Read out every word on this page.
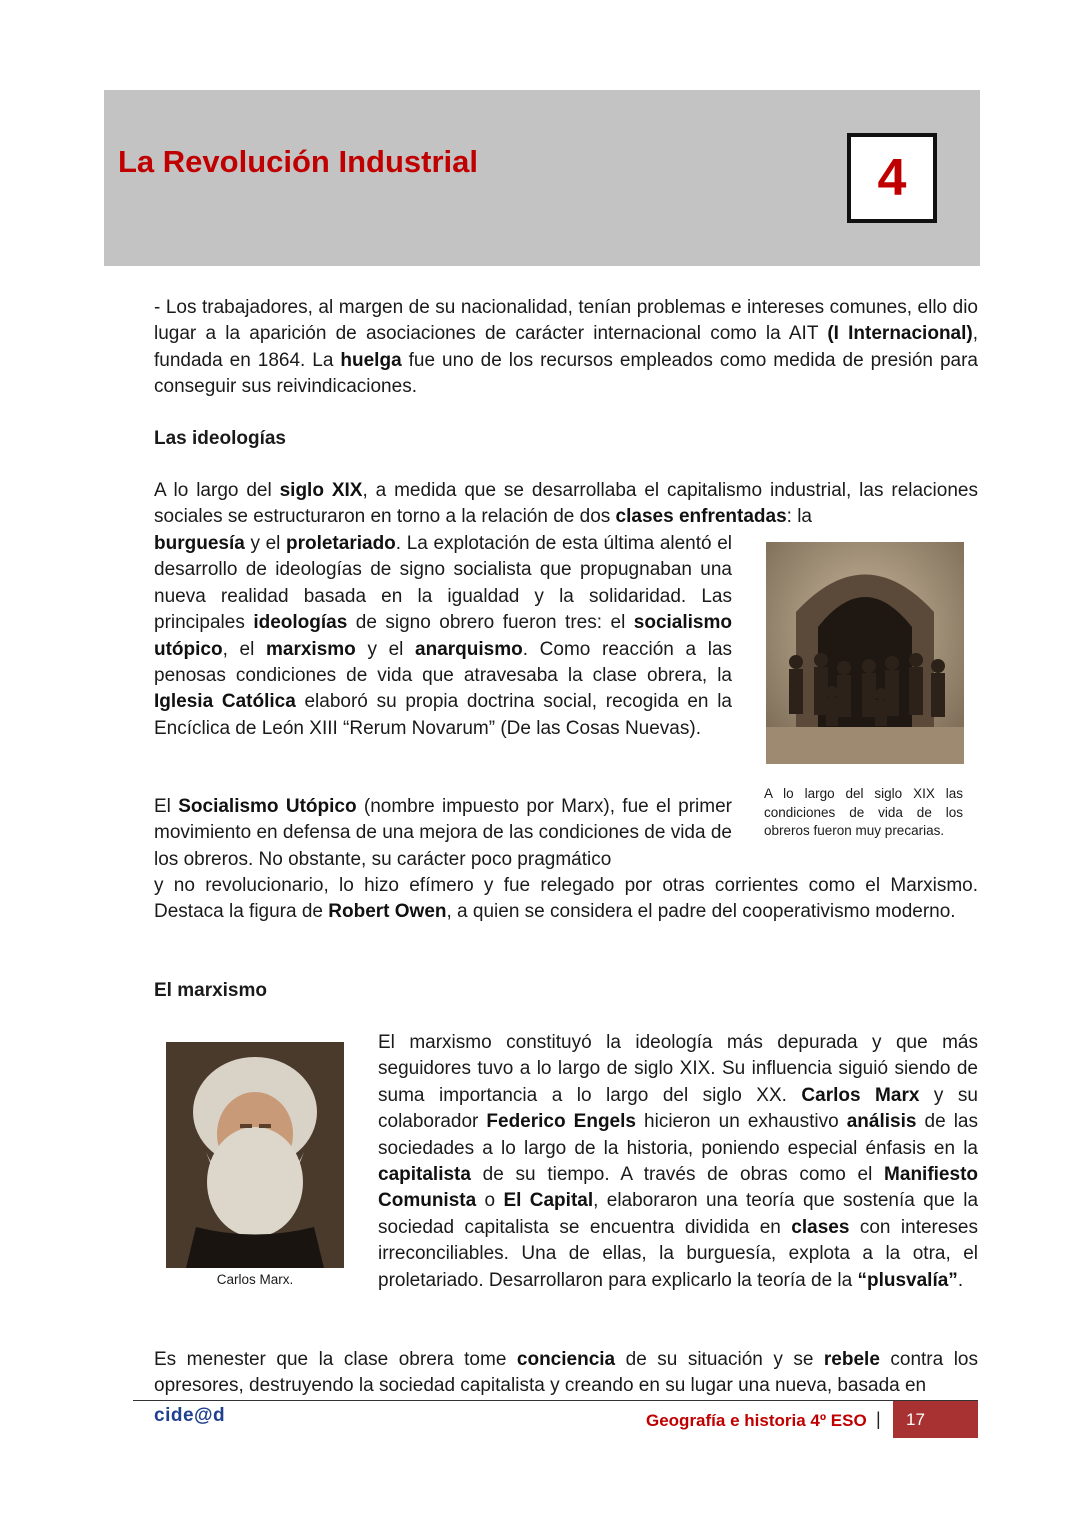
La Revolución Industrial	4
- Los trabajadores, al margen de su nacionalidad, tenían problemas e intereses comunes, ello dio lugar a la aparición de asociaciones de carácter internacional como la AIT (I Internacional), fundada en 1864. La huelga fue uno de los recursos empleados como medida de presión para conseguir sus reivindicaciones.
Las ideologías
A lo largo del siglo XIX, a medida que se desarrollaba el capitalismo industrial, las relaciones sociales se estructuraron en torno a la relación de dos clases enfrentadas: la
burguesía y el proletariado. La explotación de esta última alentó el desarrollo de ideologías de signo socialista que propugnaban una nueva realidad basada en la igualdad y la solidaridad. Las principales ideologías de signo obrero fueron tres: el socialismo utópico, el marxismo y el anarquismo. Como reacción a las penosas condiciones de vida que atravesaba la clase obrera, la Iglesia Católica elaboró su propia doctrina social, recogida en la Encíclica de León XIII “Rerum Novarum” (De las Cosas Nuevas).
A lo largo del siglo XIX las condiciones de vida de los obreros fueron muy precarias.
El Socialismo Utópico (nombre impuesto por Marx), fue el primer movimiento en defensa de una mejora de las condiciones de vida de los obreros. No obstante, su carácter poco pragmático
y no revolucionario, lo hizo efímero y fue relegado por otras corrientes como el Marxismo. Destaca la figura de Robert Owen, a quien se considera el padre del cooperativismo moderno.
El marxismo
Carlos Marx.
El marxismo constituyó la ideología más depurada y que más seguidores tuvo a lo largo de siglo XIX. Su influencia siguió siendo de suma importancia a lo largo del siglo XX. Carlos Marx y su colaborador Federico Engels hicieron un exhaustivo análisis de las sociedades a lo largo de la historia, poniendo especial énfasis en la capitalista de su tiempo. A través de obras como el Manifiesto Comunista o El Capital, elaboraron una teoría que sostenía que la sociedad capitalista se encuentra dividida en clases con intereses irreconciliables. Una de ellas, la burguesía, explota a la otra, el proletariado. Desarrollaron para explicarlo la teoría de la “plusvalía”.
Es menester que la clase obrera tome conciencia de su situación y se rebele contra los opresores, destruyendo la sociedad capitalista y creando en su lugar una nueva, basada en
cide@d	Geografía e historia 4º ESO |	17
